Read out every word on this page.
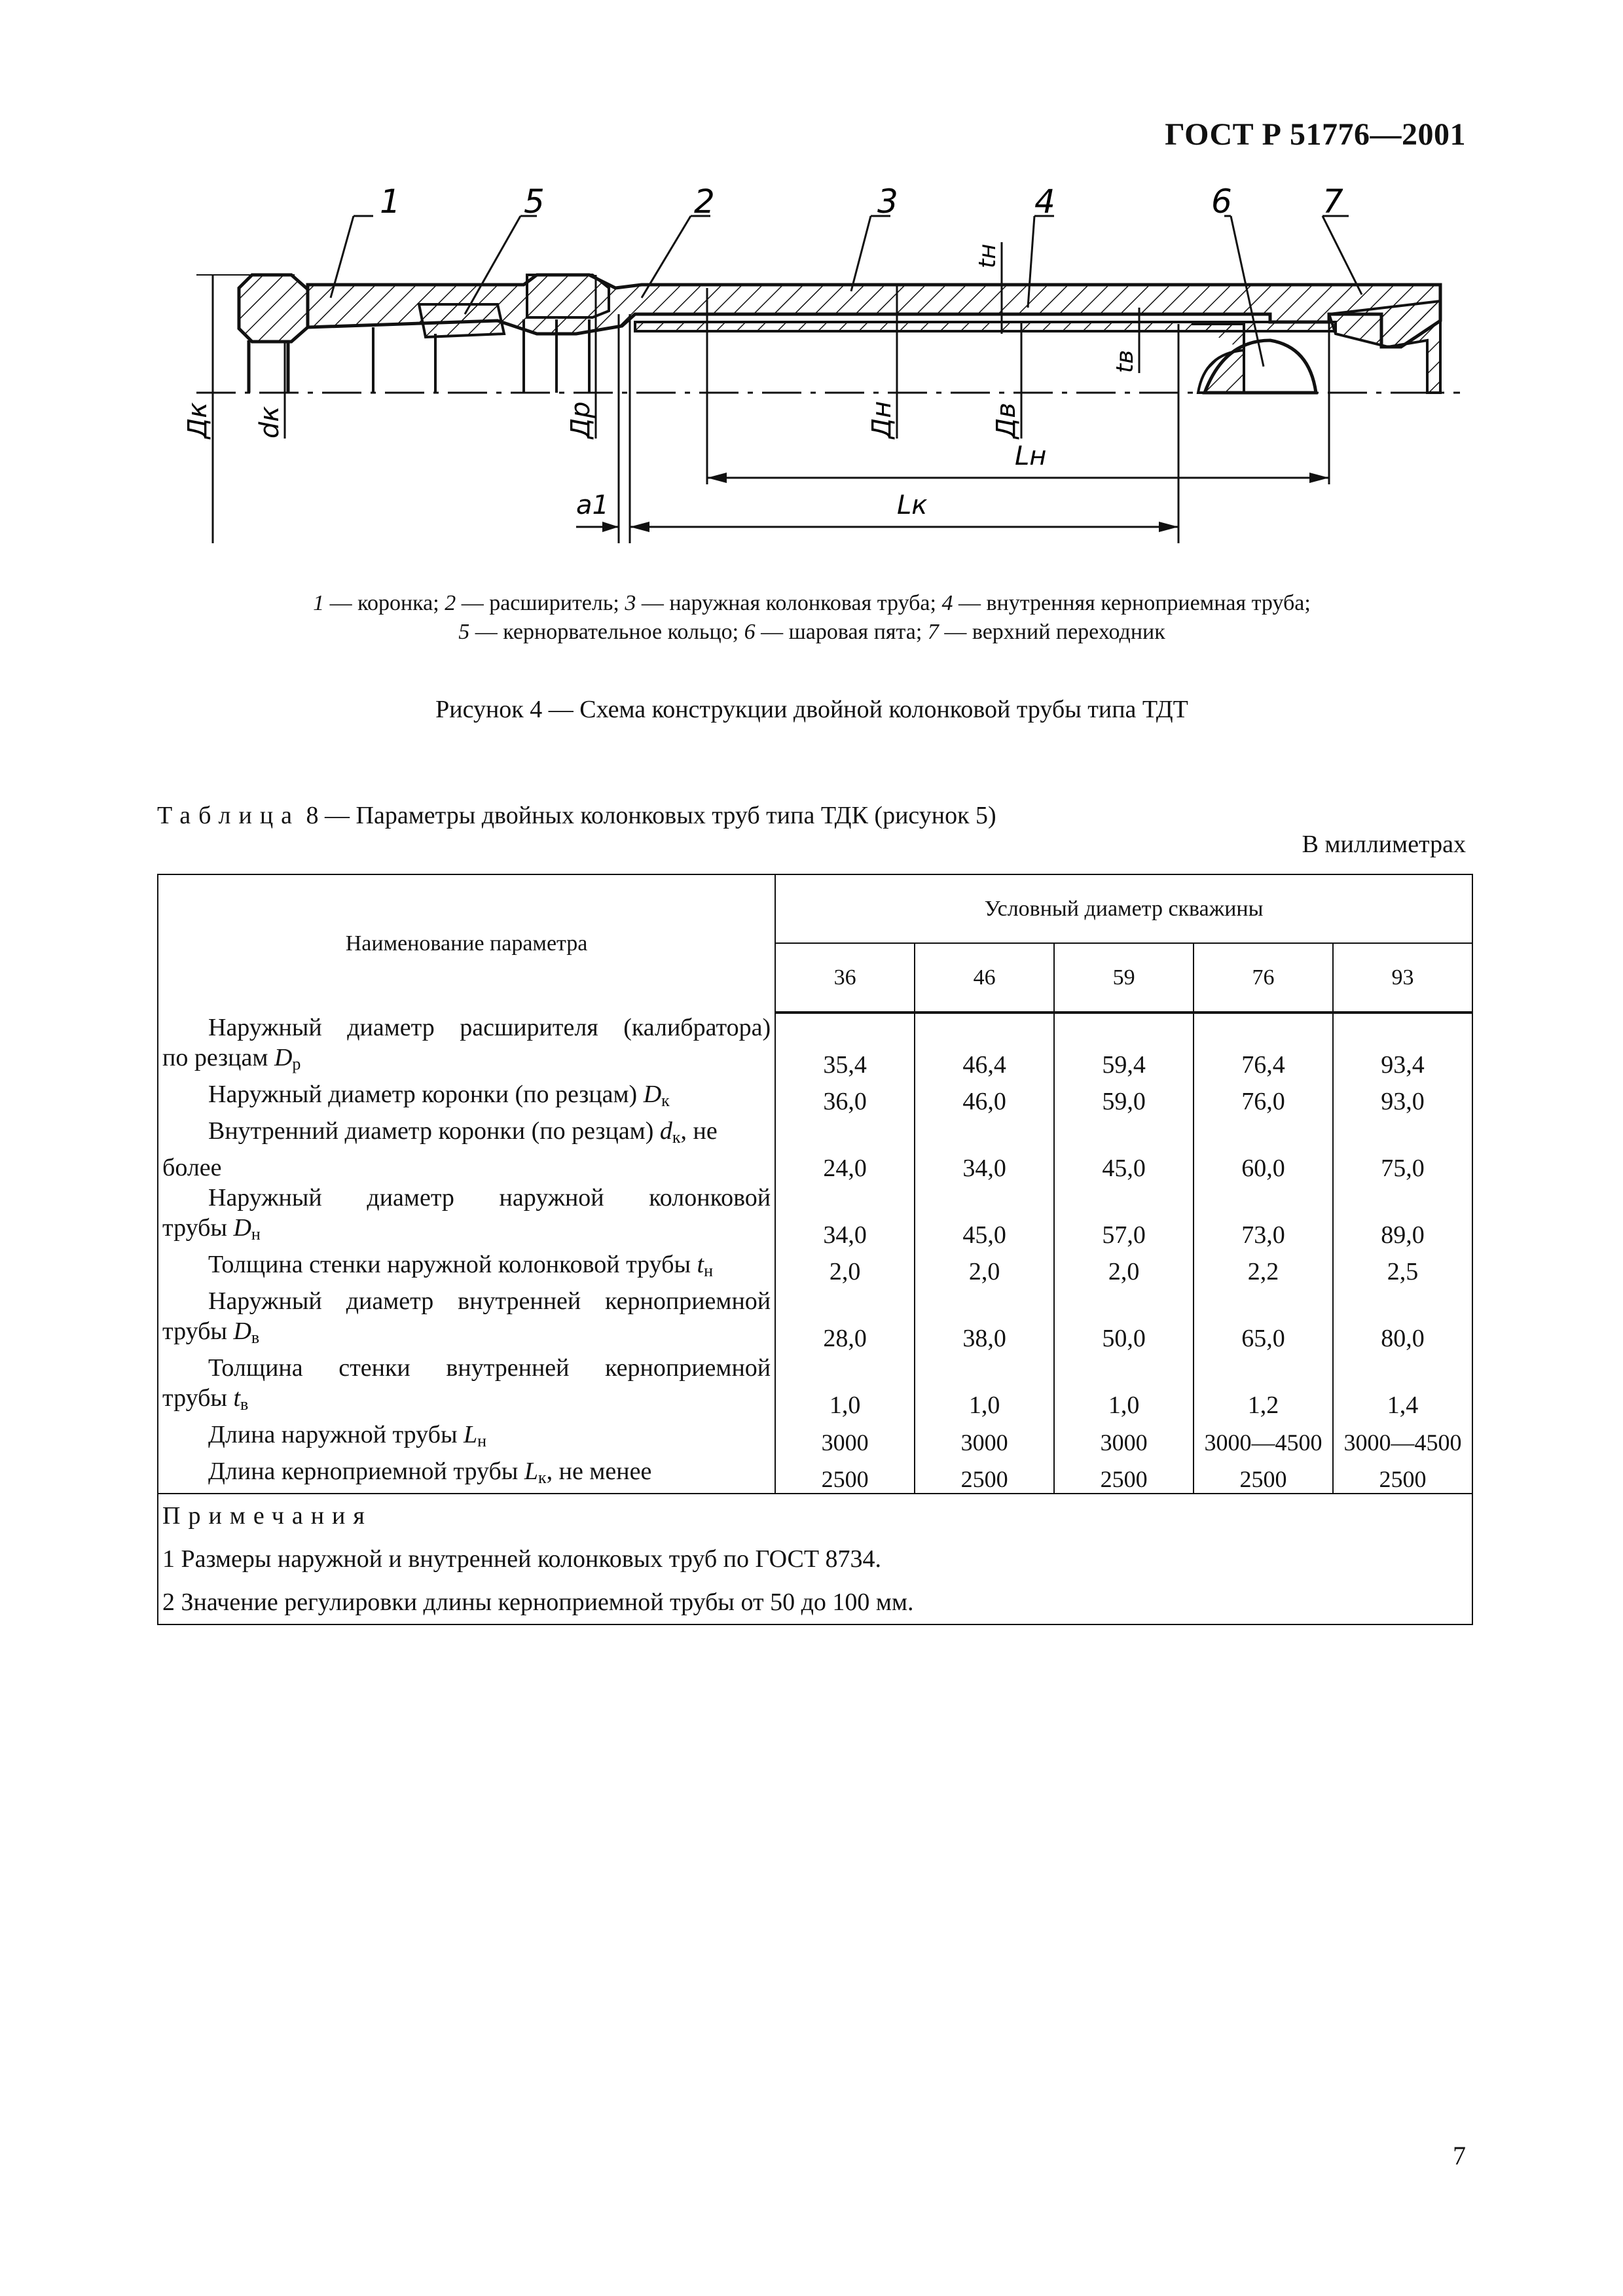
ГОСТ Р 51776—2001
1	5	2	3	4	6	7
Дк dк	Др	Дн	Дв
tн
tв
Lн
Lк
a1
1 — коронка; 2 — расширитель; 3 — наружная колонковая труба; 4 — внутренняя керноприемная труба;
5 — кернорвательное кольцо; 6 — шаровая пята; 7 — верхний переходник
Рисунок 4 — Схема конструкции двойной колонковой трубы типа ТДТ
Таблица 8 — Параметры двойных колонковых труб типа ТДК (рисунок 5)
В миллиметрах
Наименование параметра	Условный диаметр скважины				
	36	46	59	76	93

Наружный диаметр расширителя (калибратора)
по резцам $D_р$	35,4	46,4	59,4	76,4	93,4

Наружный диаметр коронки (по резцам) $D_к$	36,0	46,0	59,0	76,0	93,0

Внутренний диаметр коронки (по резцам) $d_к$, не
более	24,0	34,0	45,0	60,0	75,0

Наружный диаметр наружной колонковой
трубы $D_н$	34,0	45,0	57,0	73,0	89,0

Толщина стенки наружной колонковой трубы $t_н$	2,0	2,0	2,0	2,2	2,5

Наружный диаметр внутренней керноприемной
трубы $D_в$	28,0	38,0	50,0	65,0	80,0

Толщина стенки внутренней керноприемной
трубы $t_в$	1,0	1,0	1,0	1,2	1,4

Длина наружной трубы $L_н$	3000	3000	3000	3000—4500	3000—4500

Длина керноприемной трубы $L_к$, не менее	2500	2500	2500	2500	2500

Примечания
1 Размеры наружной и внутренней колонковых труб по ГОСТ 8734.
2 Значение регулировки длины керноприемной трубы от 50 до 100 мм.					
7
